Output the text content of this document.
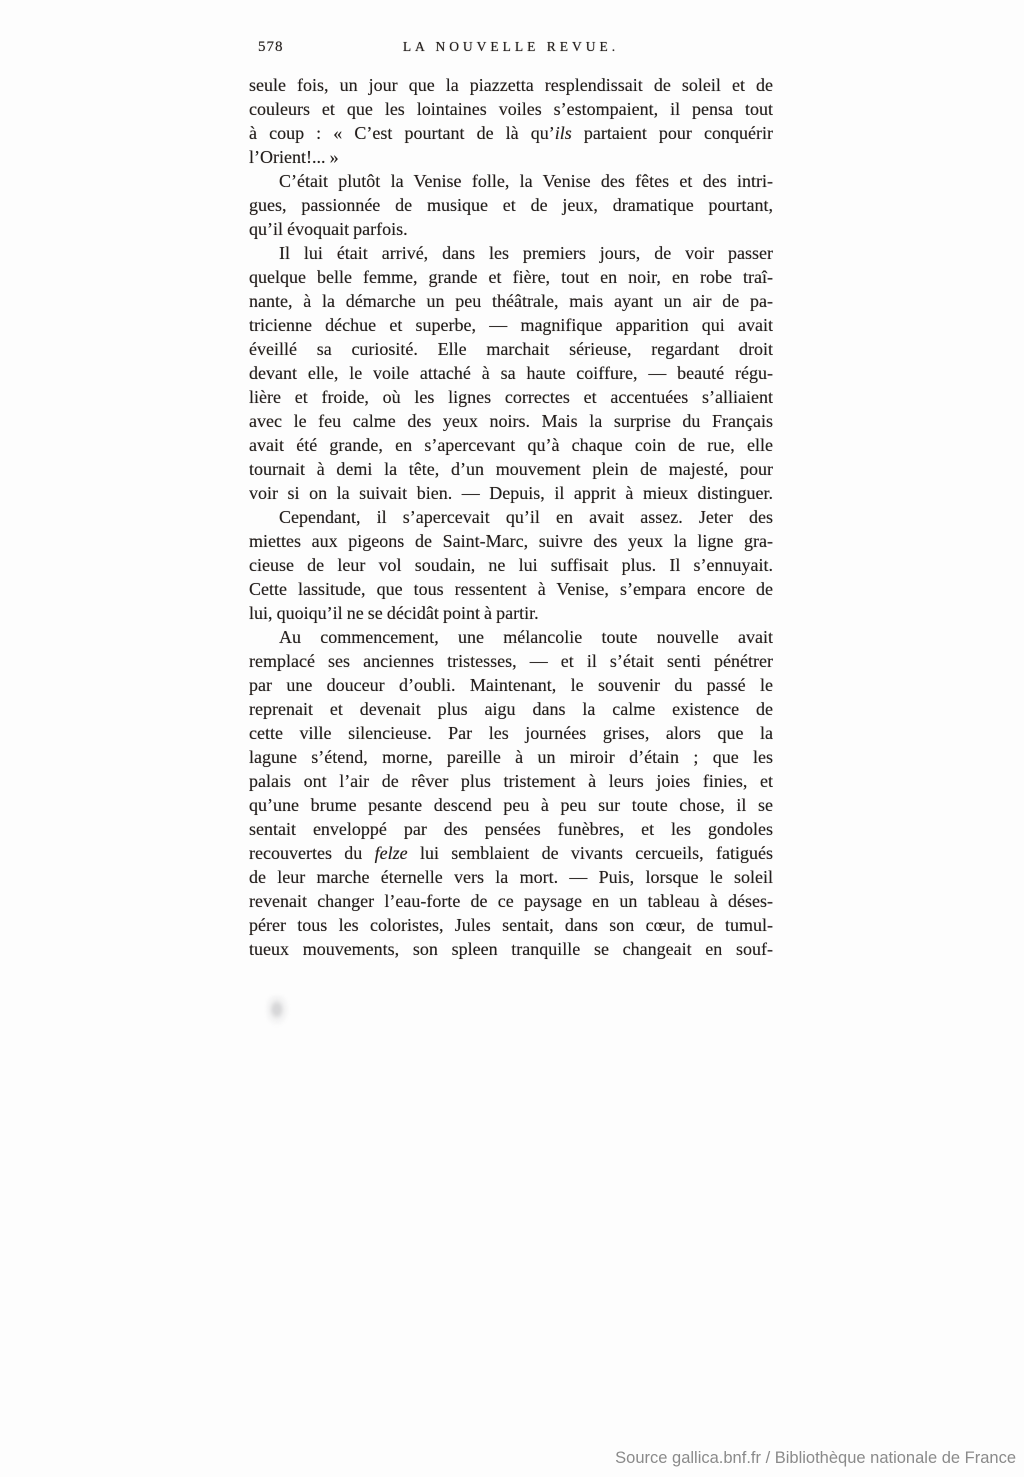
578	LA NOUVELLE REVUE.
seule fois, un jour que la piazzetta resplendissait de soleil et de
couleurs et que les lointaines voiles s’estompaient, il pensa tout
à coup : « C’est pourtant de là qu’ils partaient pour conquérir
l’Orient!... »
C’était plutôt la Venise folle, la Venise des fêtes et des intri-
gues, passionnée de musique et de jeux, dramatique pourtant,
qu’il évoquait parfois.
Il lui était arrivé, dans les premiers jours, de voir passer
quelque belle femme, grande et fière, tout en noir, en robe traî-
nante, à la démarche un peu théâtrale, mais ayant un air de pa-
tricienne déchue et superbe, — magnifique apparition qui avait
éveillé sa curiosité. Elle marchait sérieuse, regardant droit
devant elle, le voile attaché à sa haute coiffure, — beauté régu-
lière et froide, où les lignes correctes et accentuées s’alliaient
avec le feu calme des yeux noirs. Mais la surprise du Français
avait été grande, en s’apercevant qu’à chaque coin de rue, elle
tournait à demi la tête, d’un mouvement plein de majesté, pour
voir si on la suivait bien. — Depuis, il apprit à mieux distinguer.
Cependant, il s’apercevait qu’il en avait assez. Jeter des
miettes aux pigeons de Saint-Marc, suivre des yeux la ligne gra-
cieuse de leur vol soudain, ne lui suffisait plus. Il s’ennuyait.
Cette lassitude, que tous ressentent à Venise, s’empara encore de
lui, quoiqu’il ne se décidât point à partir.
Au commencement, une mélancolie toute nouvelle avait
remplacé ses anciennes tristesses, — et il s’était senti pénétrer
par une douceur d’oubli. Maintenant, le souvenir du passé le
reprenait et devenait plus aigu dans la calme existence de
cette ville silencieuse. Par les journées grises, alors que la
lagune s’étend, morne, pareille à un miroir d’étain ; que les
palais ont l’air de rêver plus tristement à leurs joies finies, et
qu’une brume pesante descend peu à peu sur toute chose, il se
sentait enveloppé par des pensées funèbres, et les gondoles
recouvertes du felze lui semblaient de vivants cercueils, fatigués
de leur marche éternelle vers la mort. — Puis, lorsque le soleil
revenait changer l’eau-forte de ce paysage en un tableau à déses-
pérer tous les coloristes, Jules sentait, dans son cœur, de tumul-
tueux mouvements, son spleen tranquille se changeait en souf-
Source gallica.bnf.fr / Bibliothèque nationale de France
